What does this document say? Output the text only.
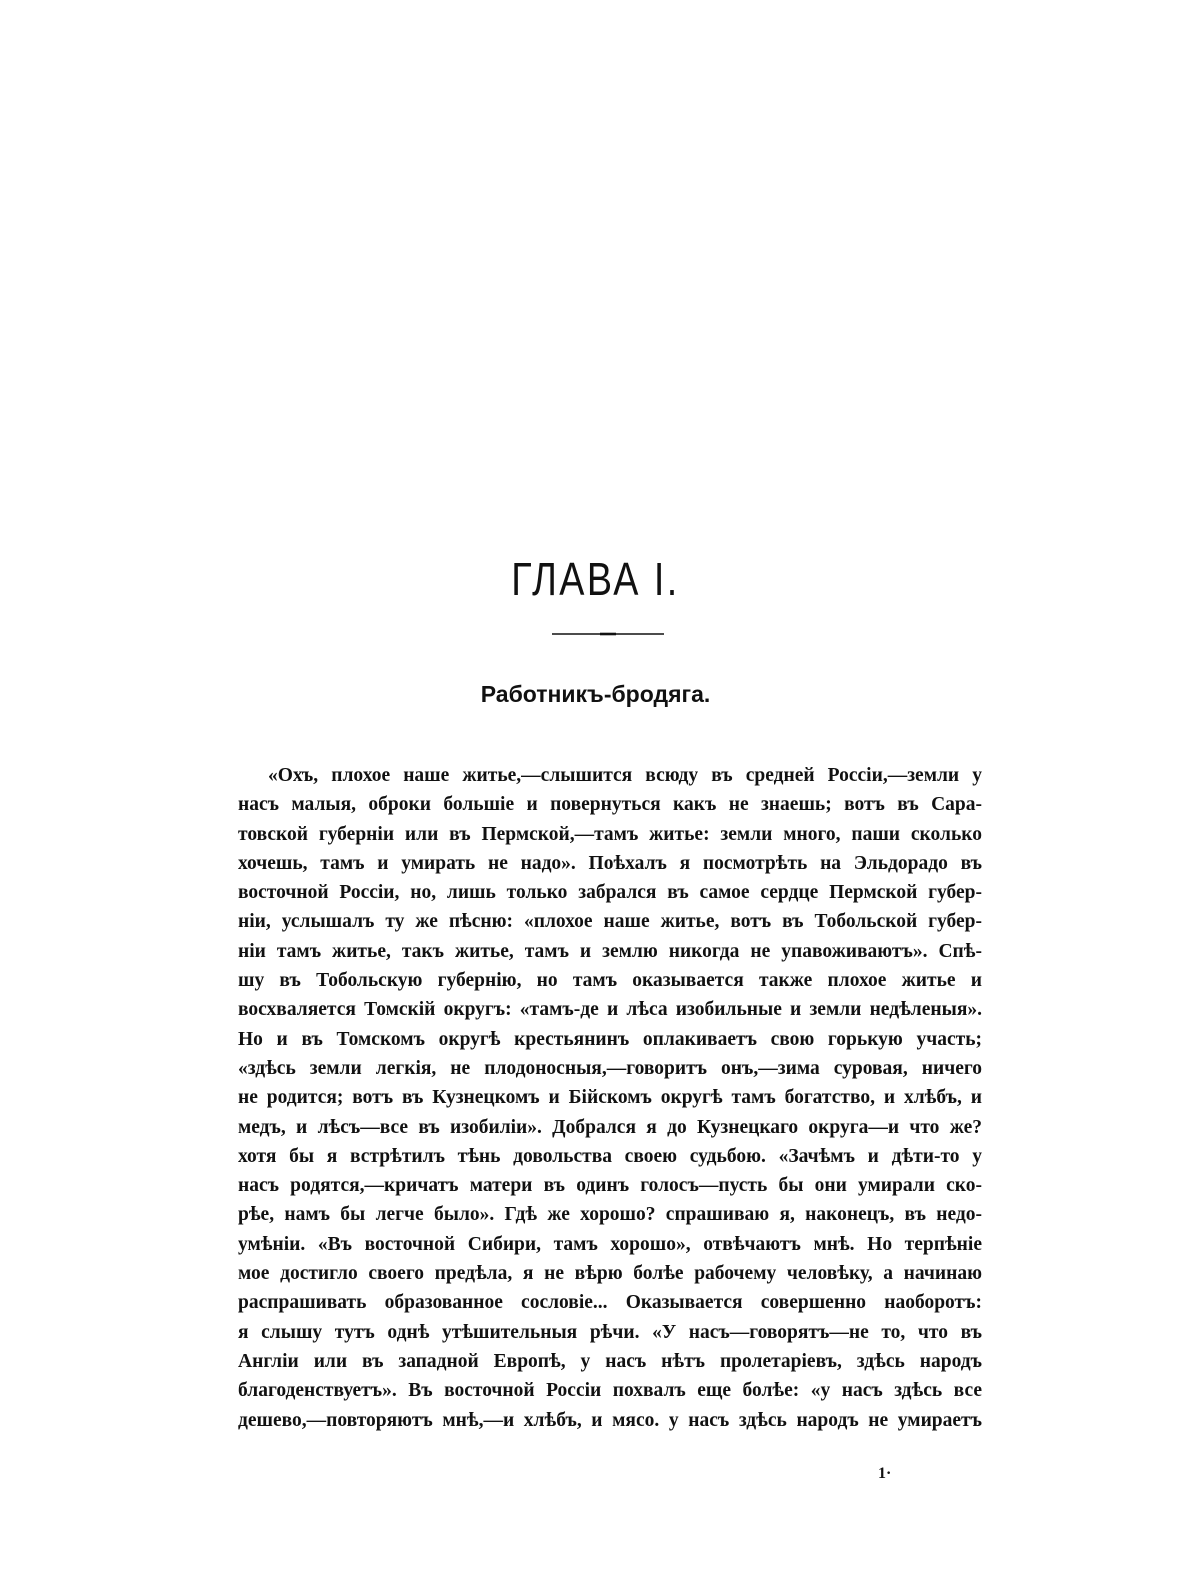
ГЛАВА I.
Работникъ-бродяга.
«Охъ, плохое наше житье,—слышится всюду въ средней Россiи,—земли у
насъ малыя, оброки большiе и повернуться какъ не знаешь; вотъ въ Сара-
товской губернiи или въ Пермской,—тамъ житье: земли много, паши сколько
хочешь, тамъ и умирать не надо». Поѣхалъ я посмотрѣть на Эльдорадо въ
восточной Россiи, но, лишь только забрался въ самое сердце Пермской губер-
нiи, услышалъ ту же пѣсню: «плохое наше житье, вотъ въ Тобольской губер-
нiи тамъ житье, такъ житье, тамъ и землю никогда не упавоживаютъ». Спѣ-
шу въ Тобольскую губернiю, но тамъ оказывается также плохое житье и
восхваляется Томскiй округъ: «тамъ-де и лѣса изобильные и земли недѣленыя».
Но и въ Томскомъ округѣ крестьянинъ оплакиваетъ свою горькую участь;
«здѣсь земли легкiя, не плодоносныя,—говоритъ онъ,—зима суровая, ничего
не родится; вотъ въ Кузнецкомъ и Бiйскомъ округѣ тамъ богатство, и хлѣбъ, и
медъ, и лѣсъ—все въ изобилiи». Добрался я до Кузнецкаго округа—и что же?
хотя бы я встрѣтилъ тѣнь довольства своею судьбою. «Зачѣмъ и дѣти-то у
насъ родятся,—кричатъ матери въ одинъ голосъ—пусть бы они умирали ско-
рѣе, намъ бы легче было». Гдѣ же хорошо? спрашиваю я, наконецъ, въ недо-
умѣнiи. «Въ восточной Сибири, тамъ хорошо», отвѣчаютъ мнѣ. Но терпѣнiе
мое достигло своего предѣла, я не вѣрю болѣе рабочему человѣку, а начинаю
распрашивать образованное сословiе... Оказывается совершенно наоборотъ:
я слышу тутъ однѣ утѣшительныя рѣчи. «У насъ—говорятъ—не то, что въ
Англiи или въ западной Европѣ, у насъ нѣтъ пролетарiевъ, здѣсь народъ
благоденствуетъ». Въ восточной Россiи похвалъ еще болѣе: «у насъ здѣсь все
дешево,—повторяютъ мнѣ,—и хлѣбъ, и мясо. у насъ здѣсь народъ не умираетъ
1·
